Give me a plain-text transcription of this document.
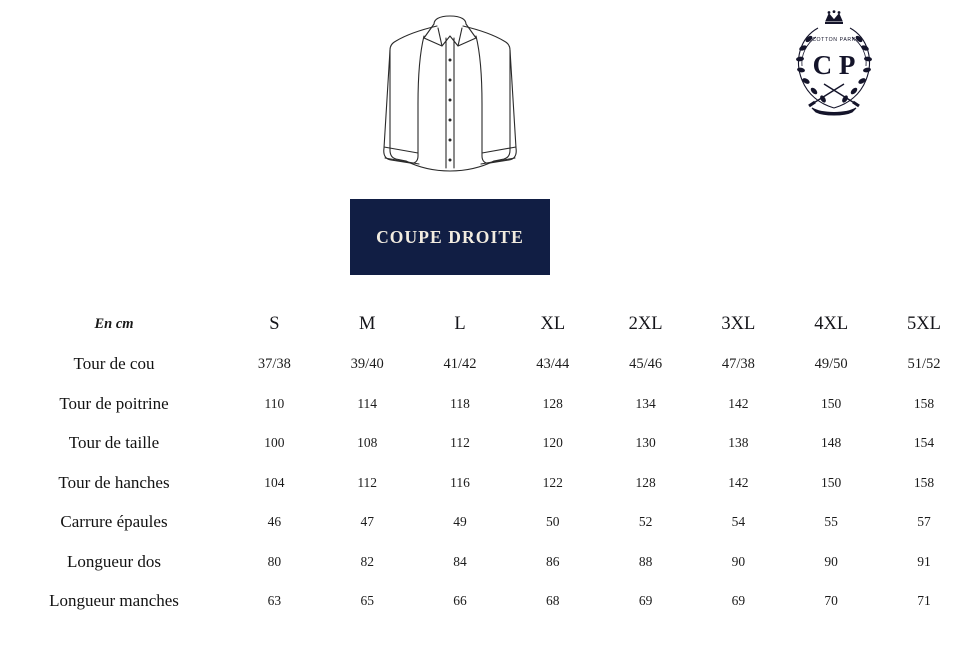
C P
COTTON PARK
COUPE DROITE
En cm	S	M	L	XL	2XL	3XL	4XL	5XL
Tour de cou	37/38	39/40	41/42	43/44	45/46	47/38	49/50	51/52
Tour de poitrine	110	114	118	128	134	142	150	158
Tour de taille	100	108	112	120	130	138	148	154
Tour de hanches	104	112	116	122	128	142	150	158
Carrure épaules	46	47	49	50	52	54	55	57
Longueur dos	80	82	84	86	88	90	90	91
Longueur manches	63	65	66	68	69	69	70	71
